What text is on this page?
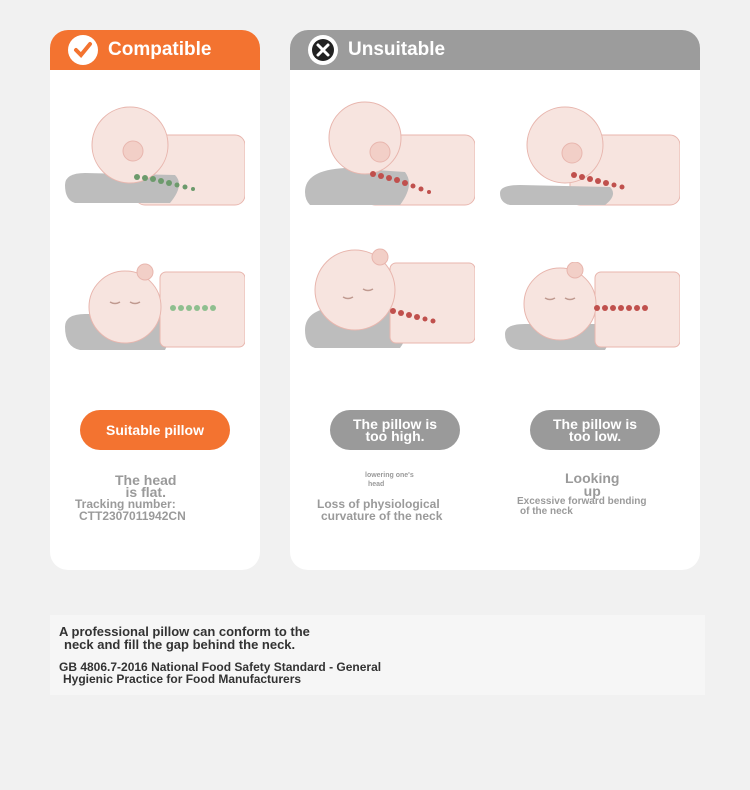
Compatible	Unsuitable
Suitable pillow	The pillow is
too high.
The pillow is
too low.
The head
is flat.
Tracking number:
CTT2307011942CN
lowering one's
head
Loss of physiological
curvature of the neck
Looking
up
Excessive forward bending
of the neck
A professional pillow can conform to the
neck and fill the gap behind the neck.
GB 4806.7-2016 National Food Safety Standard - General
Hygienic Practice for Food Manufacturers
